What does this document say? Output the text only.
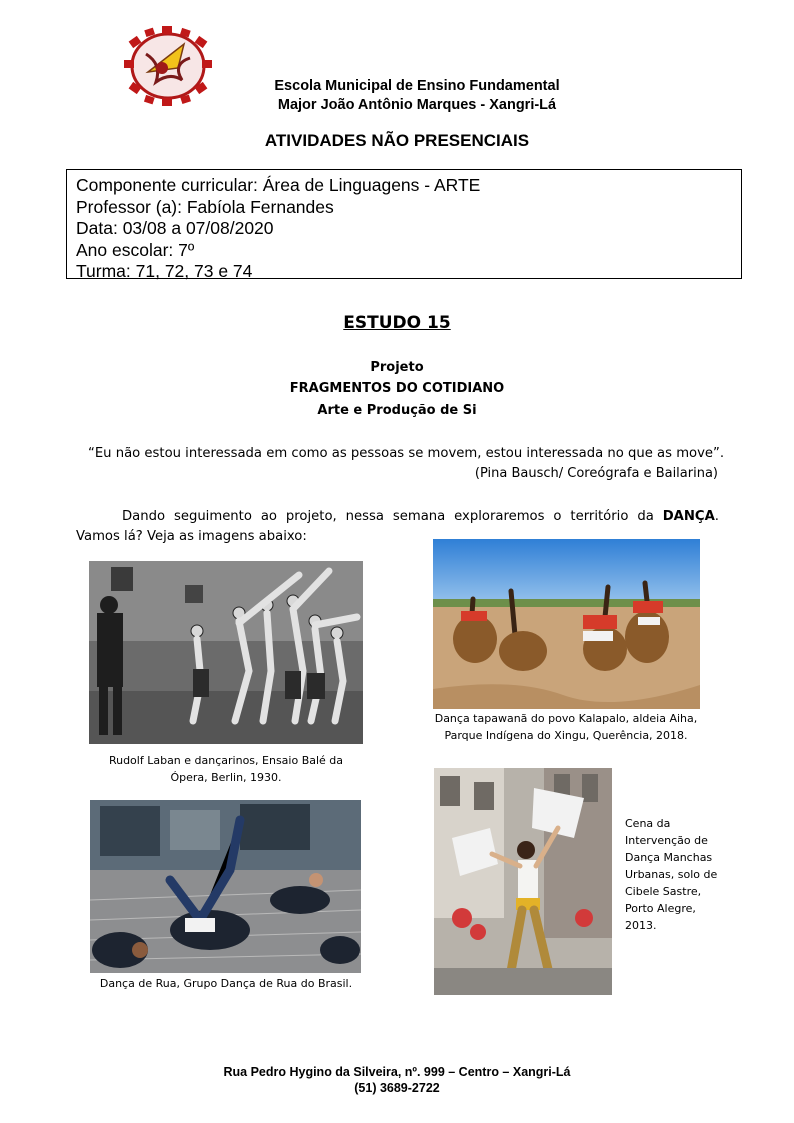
Escola Municipal de Ensino Fundamental
Major João Antônio Marques - Xangri-Lá
ATIVIDADES NÃO PRESENCIAIS
Componente curricular: Área de Linguagens - ARTE
Professor (a): Fabíola Fernandes
Data: 03/08 a 07/08/2020
Ano escolar: 7º
Turma: 71, 72, 73 e 74
ESTUDO 15
Projeto
FRAGMENTOS DO COTIDIANO
Arte e Produção de Si
“Eu não estou interessada em como as pessoas se movem, estou interessada no que as move”.
(Pina Bausch/ Coreógrafa e Bailarina)
Dando seguimento ao projeto, nessa semana exploraremos o território da DANÇA. Vamos lá? Veja as imagens abaixo:
Rudolf Laban e dançarinos, Ensaio Balé da
Ópera, Berlin, 1930.
Dança tapawanã do povo Kalapalo, aldeia Aiha,
Parque Indígena do Xingu, Querência, 2018.
Dança de Rua, Grupo Dança de Rua do Brasil.
Cena da
Intervenção de
Dança Manchas
Urbanas, solo de
Cibele Sastre,
Porto Alegre,
2013.
Rua Pedro Hygino da Silveira, nº. 999 – Centro – Xangri-Lá
(51) 3689-2722
